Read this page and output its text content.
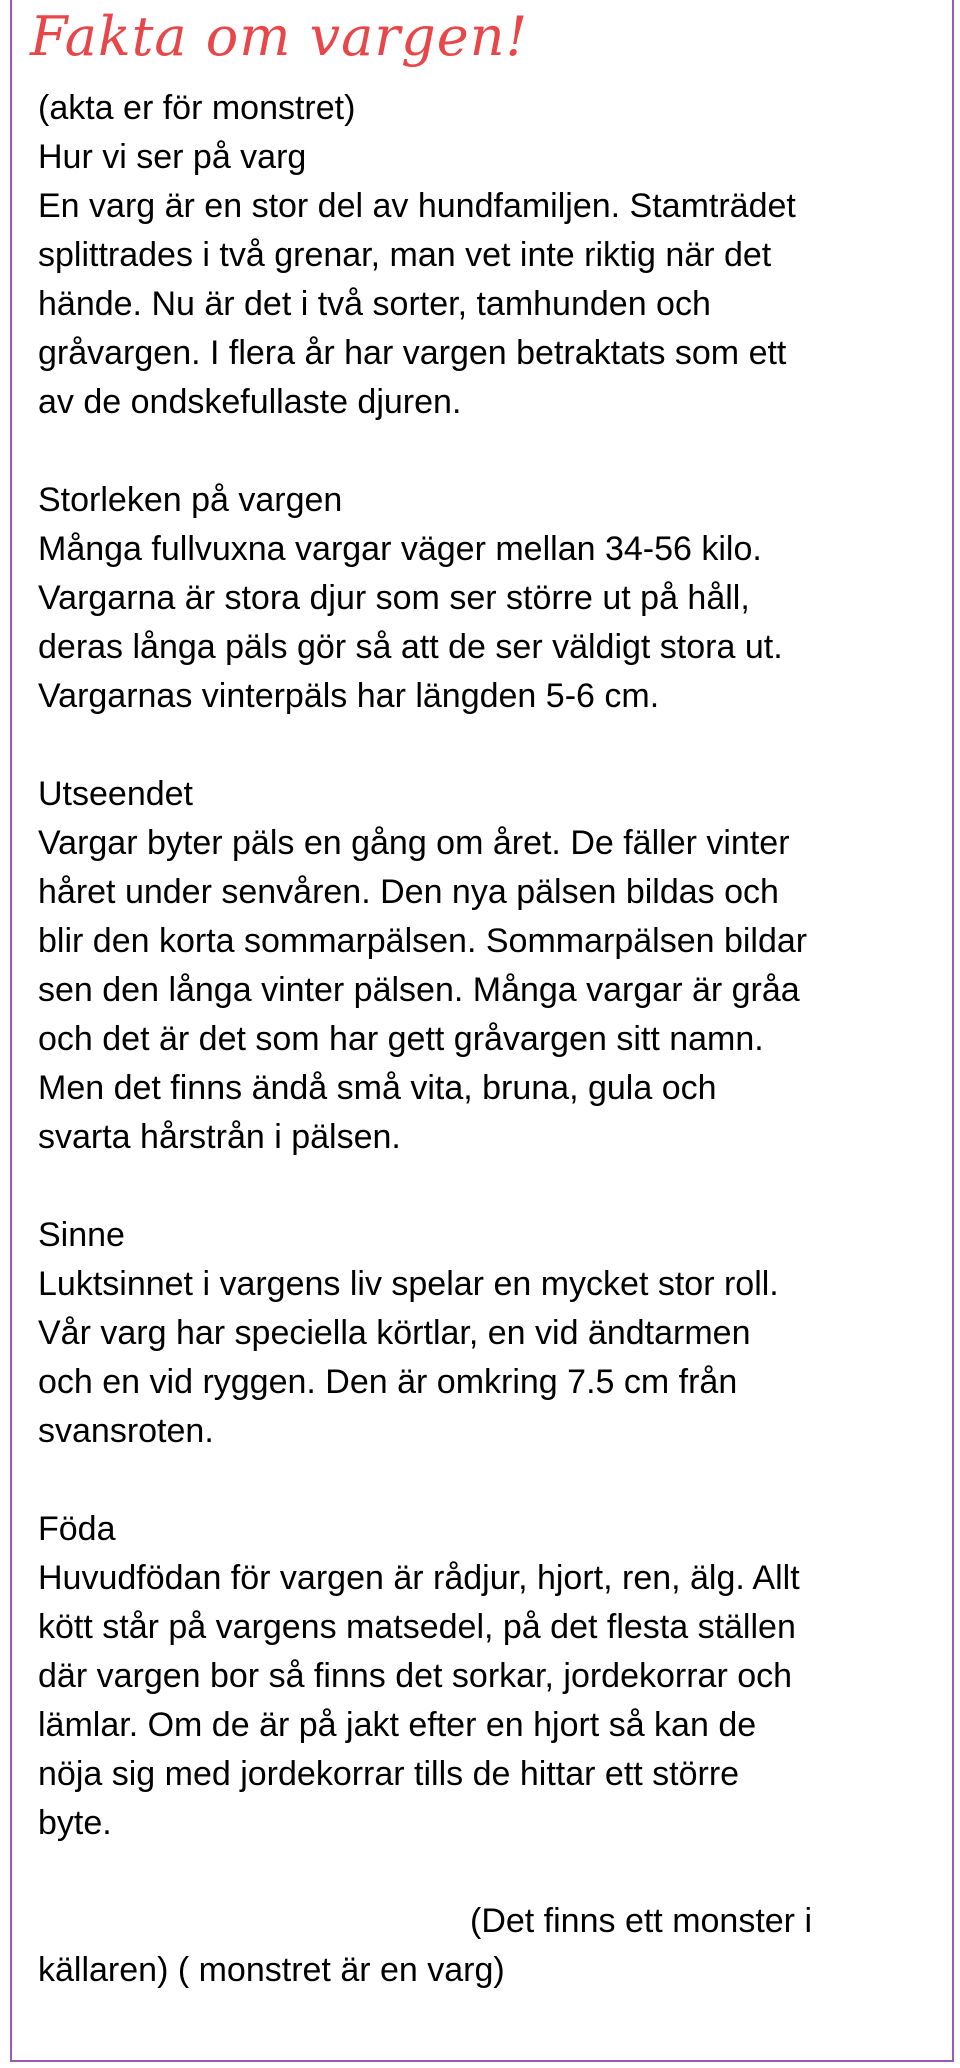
Fakta om vargen!

(akta er för monstret)

Hur vi ser på varg

En varg är en stor del av hundfamiljen. Stamträdet

splittrades i två grenar, man vet inte riktig när det

hände. Nu är det i två sorter, tamhunden och

gråvargen. I flera år har vargen betraktats som ett

av de ondskefullaste djuren.

Storleken på vargen

Många fullvuxna vargar väger mellan 34-56 kilo.

Vargarna är stora djur som ser större ut på håll,

deras långa päls gör så att de ser väldigt stora ut.

Vargarnas vinterpäls har längden 5-6 cm.

Utseendet

Vargar byter päls en gång om året. De fäller vinter

håret under senvåren. Den nya pälsen bildas och

blir den korta sommarpälsen. Sommarpälsen bildar

sen den långa vinter pälsen. Många vargar är gråa

och det är det som har gett gråvargen sitt namn.

Men det finns ändå små vita, bruna, gula och

svarta hårstrån i pälsen.

Sinne

Luktsinnet i vargens liv spelar en mycket stor roll.

Vår varg har speciella körtlar, en vid ändtarmen

och en vid ryggen. Den är omkring 7.5 cm från

svansroten.

Föda

Huvudfödan för vargen är rådjur, hjort, ren, älg. Allt

kött står på vargens matsedel, på det flesta ställen

där vargen bor så finns det sorkar, jordekorrar och

lämlar. Om de är på jakt efter en hjort så kan de

nöja sig med jordekorrar tills de hittar ett större

byte.

(Det finns ett monster i

källaren) ( monstret är en varg)
